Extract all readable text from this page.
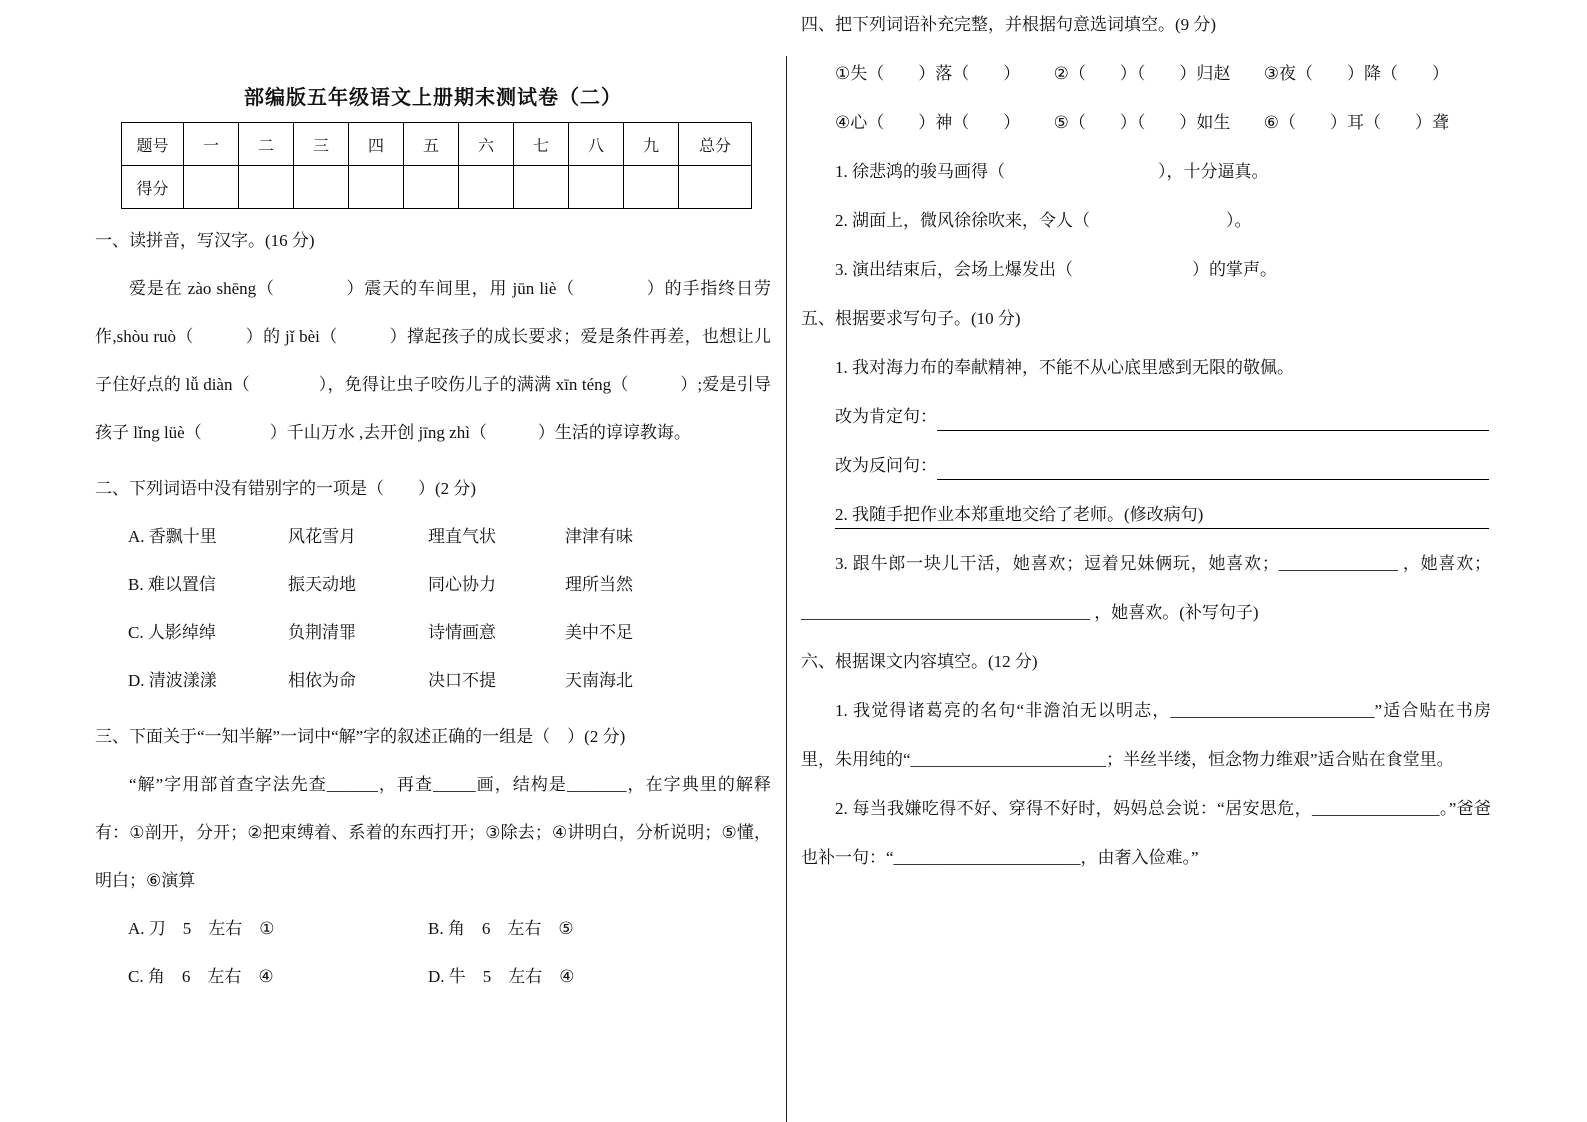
部编版五年级语文上册期末测试卷（二）
题号	一	二	三	四	五	六	七	八	九	总分
得分										
一、读拼音，写汉字。(16 分)
爱是在 zào shēng（　　　　）震天的车间里，用 jūn liè（　　　　）的手指终日劳作,shòu ruò（　　　）的 jǐ bèi（　　　）撑起孩子的成长要求；爱是条件再差，也想让儿子住好点的 lǚ diàn（　　　　），免得让虫子咬伤儿子的满满 xīn téng（　　　）;爱是引导孩子 lǐng lüè（　　　　）千山万水 ,去开创 jīng zhì（　　　）生活的谆谆教诲。
二、下列词语中没有错别字的一项是（　　）(2 分)
A. 香飘十里	风花雪月	理直气状	津津有味
B. 难以置信	振天动地	同心协力	理所当然
C. 人影绰绰	负荆清罪	诗情画意	美中不足
D. 清波漾漾	相依为命	决口不提	天南海北
三、下面关于“一知半解”一词中“解”字的叙述正确的一组是（　）(2 分)
“解”字用部首查字法先查______，再查_____画，结构是_______，在字典里的解释有：①剖开，分开；②把束缚着、系着的东西打开；③除去；④讲明白，分析说明；⑤懂，明白；⑥演算
A. 刀　5　左右　①	B. 角　6　左右　⑤
C. 角　6　左右　④	D. 牛　5　左右　④
四、把下列词语补充完整，并根据句意选词填空。(9 分)
①失（　　）落（　　） ②（　　）（　　）归赵 ③夜（　　）降（　　）
④心（　　）神（　　） ⑤（　　）（　　）如生 ⑥（　　）耳（　　）聋
1. 徐悲鸿的骏马画得（　　　　　　　　　），十分逼真。
2. 湖面上，微风徐徐吹来，令人（　　　　　　　　）。
3. 演出结束后，会场上爆发出（　　　　　　　）的掌声。
五、根据要求写句子。(10 分)
1. 我对海力布的奉献精神，不能不从心底里感到无限的敬佩。
改为肯定句：
改为反问句：
2. 我随手把作业本郑重地交给了老师。(修改病句)
3. 跟牛郎一块儿干活，她喜欢；逗着兄妹俩玩，她喜欢；______________ ，她喜欢；__________________________________ ，她喜欢。(补写句子)
六、根据课文内容填空。(12 分)
1. 我觉得诸葛亮的名句“非澹泊无以明志，________________________”适合贴在书房里，朱用纯的“_______________________；半丝半缕，恒念物力维艰”适合贴在食堂里。
2. 每当我嫌吃得不好、穿得不好时，妈妈总会说：“居安思危，_______________。”爸爸也补一句：“______________________，由奢入俭难。”
